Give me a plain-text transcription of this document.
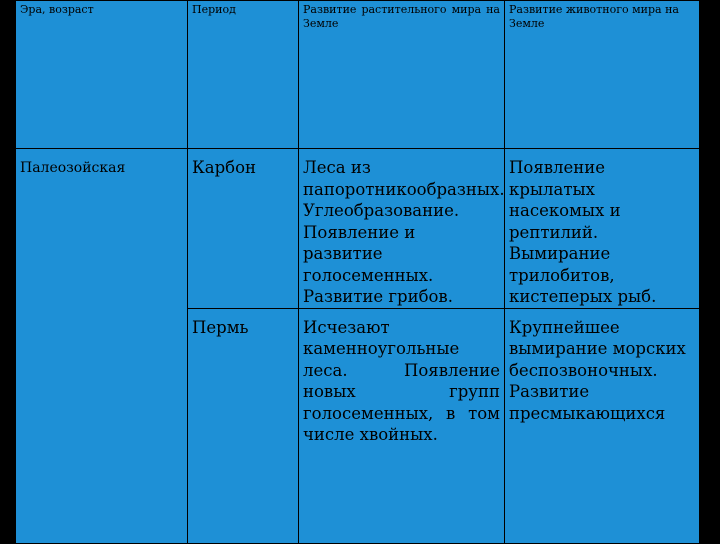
Эра, возраст	Период	Развитие растительного мира на Земле	Развитие животного мира на Земле

Палеозойская	Карбон	Леса из папоротникообразных. Углеобразование. Появление и развитие голосеменных. Развитие грибов.	Появление крылатых насекомых и рептилий. Вымирание трилобитов, кистеперых рыб.

	Пермь	Исчезают каменноугольные леса. Появление новых групп голосеменных, в том числе хвойных.	Крупнейшее вымирание морских беспозвоночных. Развитие пресмыкающихся
